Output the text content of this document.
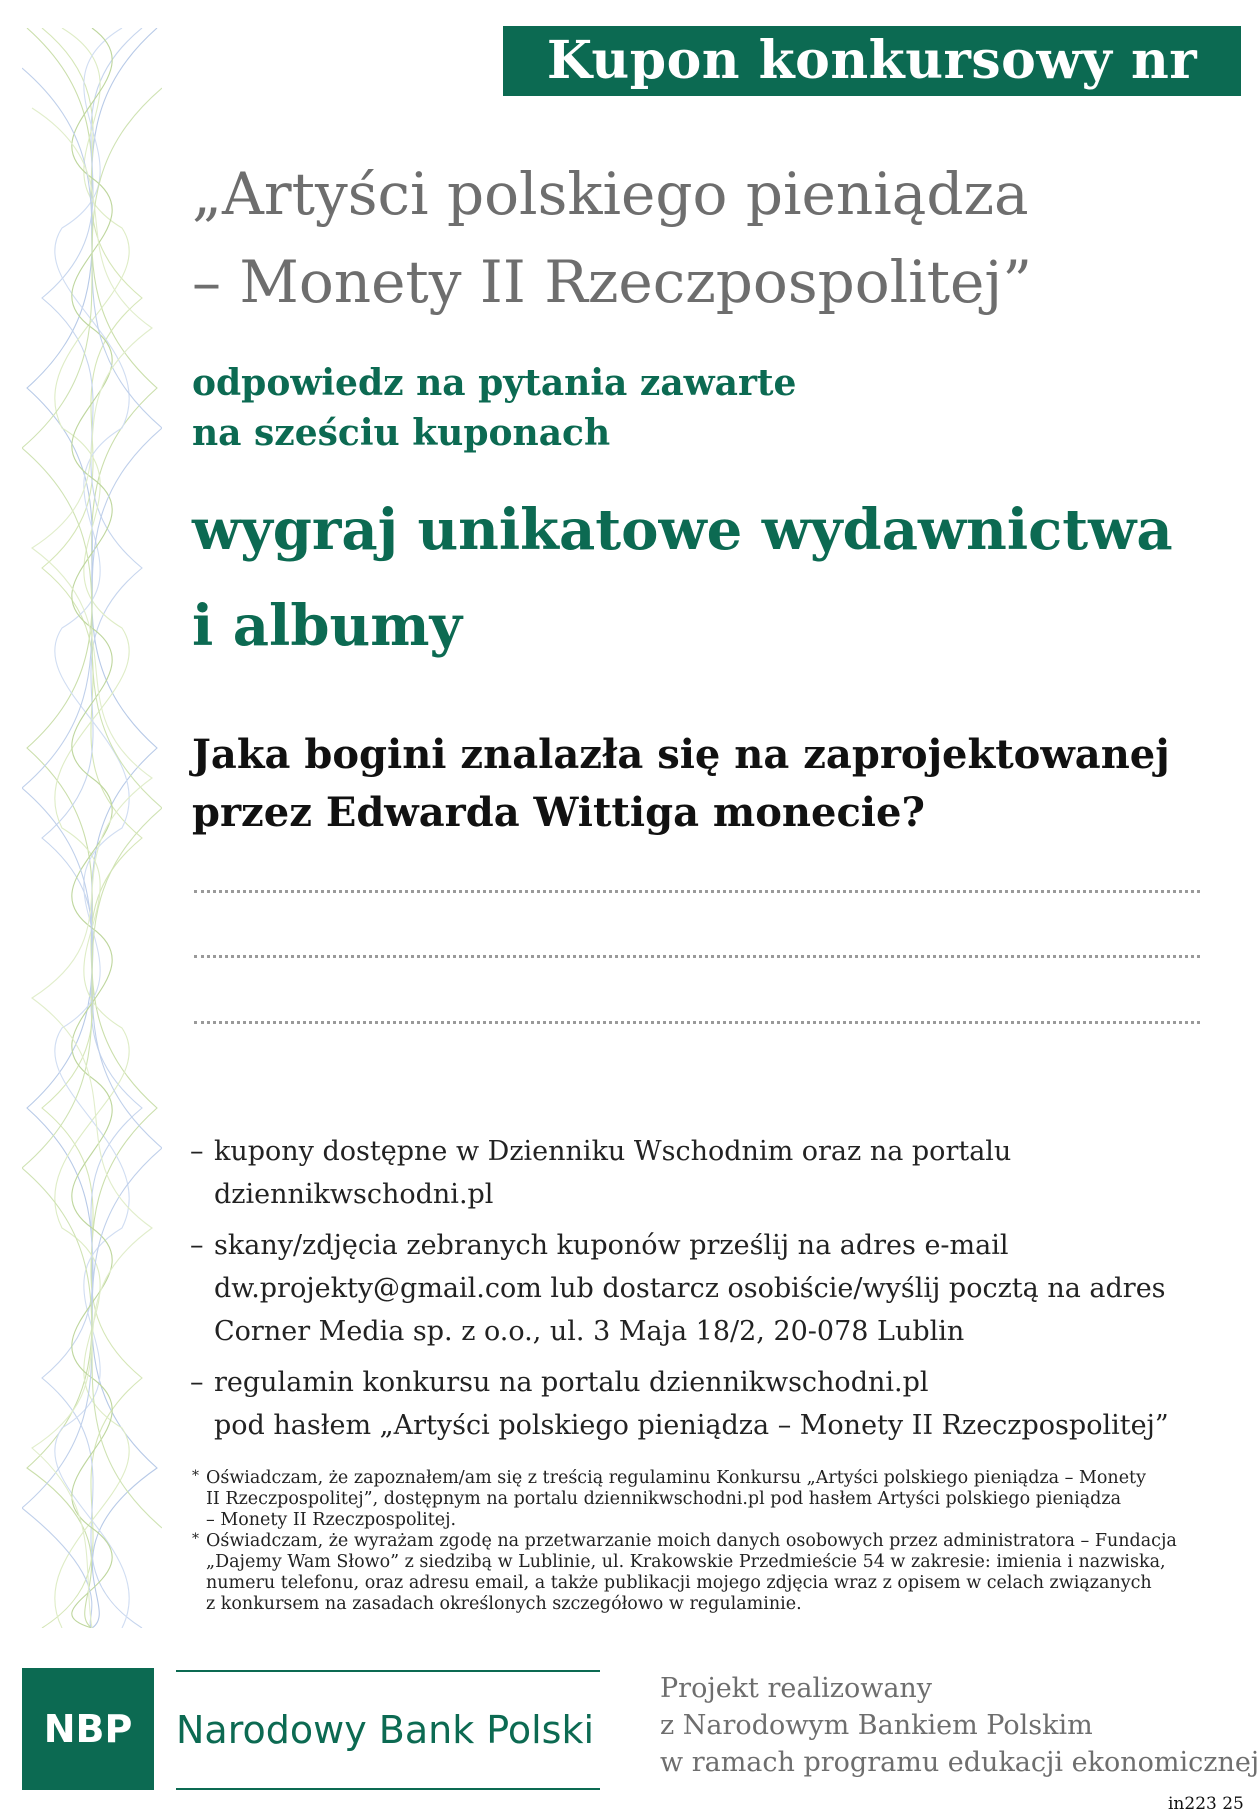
Kupon konkursowy nr 4/6
„Artyści polskiego pieniądza
– Monety II Rzeczpospolitej”
odpowiedz na pytania zawarte
na sześciu kuponach
wygraj unikatowe wydawnictwa
i albumy
Jaka bogini znalazła się na zaprojektowanej
przez Edwarda Wittiga monecie?
– kupony dostępne w Dzienniku Wschodnim oraz na portalu
dziennikwschodni.pl
– skany/zdjęcia zebranych kuponów prześlij na adres e-mail
dw.projekty@gmail.com lub dostarcz osobiście/wyślij pocztą na adres
Corner Media sp. z o.o., ul. 3 Maja 18/2, 20-078 Lublin
– regulamin konkursu na portalu dziennikwschodni.pl
pod hasłem „Artyści polskiego pieniądza – Monety II Rzeczpospolitej”
* Oświadczam, że zapoznałem/am się z treścią regulaminu Konkursu „Artyści polskiego pieniądza – Monety
II Rzeczpospolitej”, dostępnym na portalu dziennikwschodni.pl pod hasłem Artyści polskiego pieniądza
– Monety II Rzeczpospolitej.
* Oświadczam, że wyrażam zgodę na przetwarzanie moich danych osobowych przez administratora – Fundacja
„Dajemy Wam Słowo” z siedzibą w Lublinie, ul. Krakowskie Przedmieście 54 w zakresie: imienia i nazwiska,
numeru telefonu, oraz adresu email, a także publikacji mojego zdjęcia wraz z opisem w celach związanych
z konkursem na zasadach określonych szczegółowo w regulaminie.
NBP	Narodowy Bank Polski
Projekt realizowany
z Narodowym Bankiem Polskim
w ramach programu edukacji ekonomicznej
in223 25
